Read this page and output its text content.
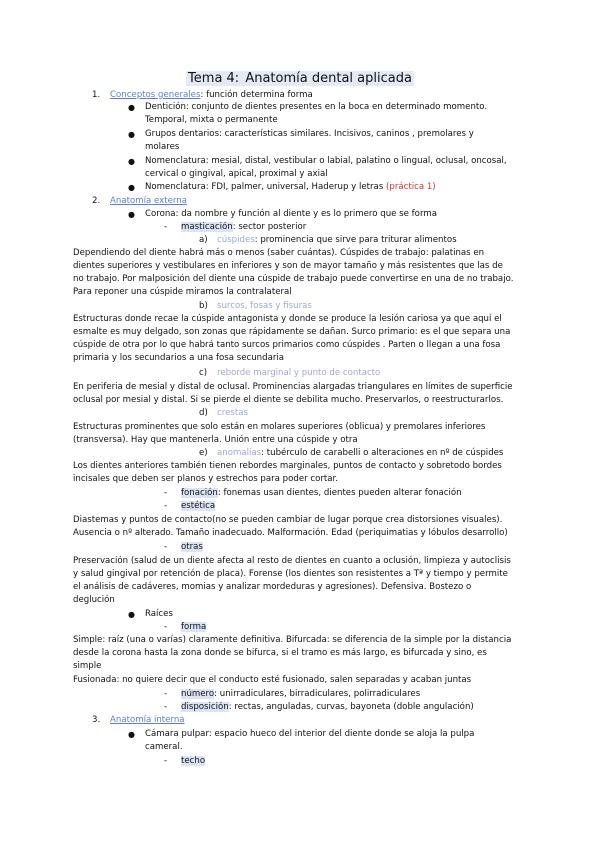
Tema 4: Anatomía dental aplicada
1. Conceptos generales: función determina forma
● Dentición: conjunto de dientes presentes en la boca en determinado momento.
Temporal, mixta o permanente
● Grupos dentarios: características similares. Incisivos, caninos , premolares y
molares
● Nomenclatura: mesial, distal, vestibular o labial, palatino o lingual, oclusal, oncosal,
cervical o gingival, apical, proximal y axial
● Nomenclatura: FDI, palmer, universal, Haderup y letras (práctica 1)
2. Anatomía externa
● Corona: da nombre y función al diente y es lo primero que se forma
- masticación: sector posterior
a) cúspides: prominencia que sirve para triturar alimentos
Dependiendo del diente habrá más o menos (saber cuántas). Cúspides de trabajo: palatinas en
dientes superiores y vestibulares en inferiores y son de mayor tamaño y más resistentes que las de
no trabajo. Por malposición del diente una cúspide de trabajo puede convertirse en una de no trabajo.
Para reponer una cúspide miramos la contralateral
b) surcos, fosas y fisuras
Estructuras donde recae la cúspide antagonista y donde se produce la lesión cariosa ya que aquí el
esmalte es muy delgado, son zonas que rápidamente se dañan. Surco primario: es el que separa una
cúspide de otra por lo que habrá tanto surcos primarios como cúspides . Parten o llegan a una fosa
primaria y los secundarios a una fosa secundaria
c) reborde marginal y punto de contacto
En periferia de mesial y distal de oclusal. Prominencias alargadas triangulares en límites de superficie
oclusal por mesial y distal. Si se pierde el diente se debilita mucho. Preservarlos, o reestructurarlos.
d) crestas
Estructuras prominentes que solo están en molares superiores (oblicua) y premolares inferiores
(transversa). Hay que mantenerla. Unión entre una cúspide y otra
e) anomalías: tubérculo de carabelli o alteraciones en nº de cúspides
Los dientes anteriores también tienen rebordes marginales, puntos de contacto y sobretodo bordes
incisales que deben ser planos y estrechos para poder cortar.
- fonación: fonemas usan dientes, dientes pueden alterar fonación
- estética
Diastemas y puntos de contacto(no se pueden cambiar de lugar porque crea distorsiones visuales).
Ausencia o nº alterado. Tamaño inadecuado. Malformación. Edad (periquimatias y lóbulos desarrollo)
- otras
Preservación (salud de un diente afecta al resto de dientes en cuanto a oclusión, limpieza y autoclisis
y salud gingival por retención de placa). Forense (los dientes son resistentes a Tª y tiempo y permite
el análisis de cadáveres, momias y analizar mordeduras y agresiones). Defensiva. Bostezo o
deglución
● Raíces
- forma
Simple: raíz (una o varías) claramente definitiva. Bifurcada: se diferencia de la simple por la distancia
desde la corona hasta la zona donde se bifurca, si el tramo es más largo, es bifurcada y sino, es
simple
Fusionada: no quiere decir que el conducto esté fusionado, salen separadas y acaban juntas
- número: unirradiculares, birradiculares, polirradiculares
- disposición: rectas, anguladas, curvas, bayoneta (doble angulación)
3. Anatomía interna
● Cámara pulpar: espacio hueco del interior del diente donde se aloja la pulpa
cameral.
- techo
